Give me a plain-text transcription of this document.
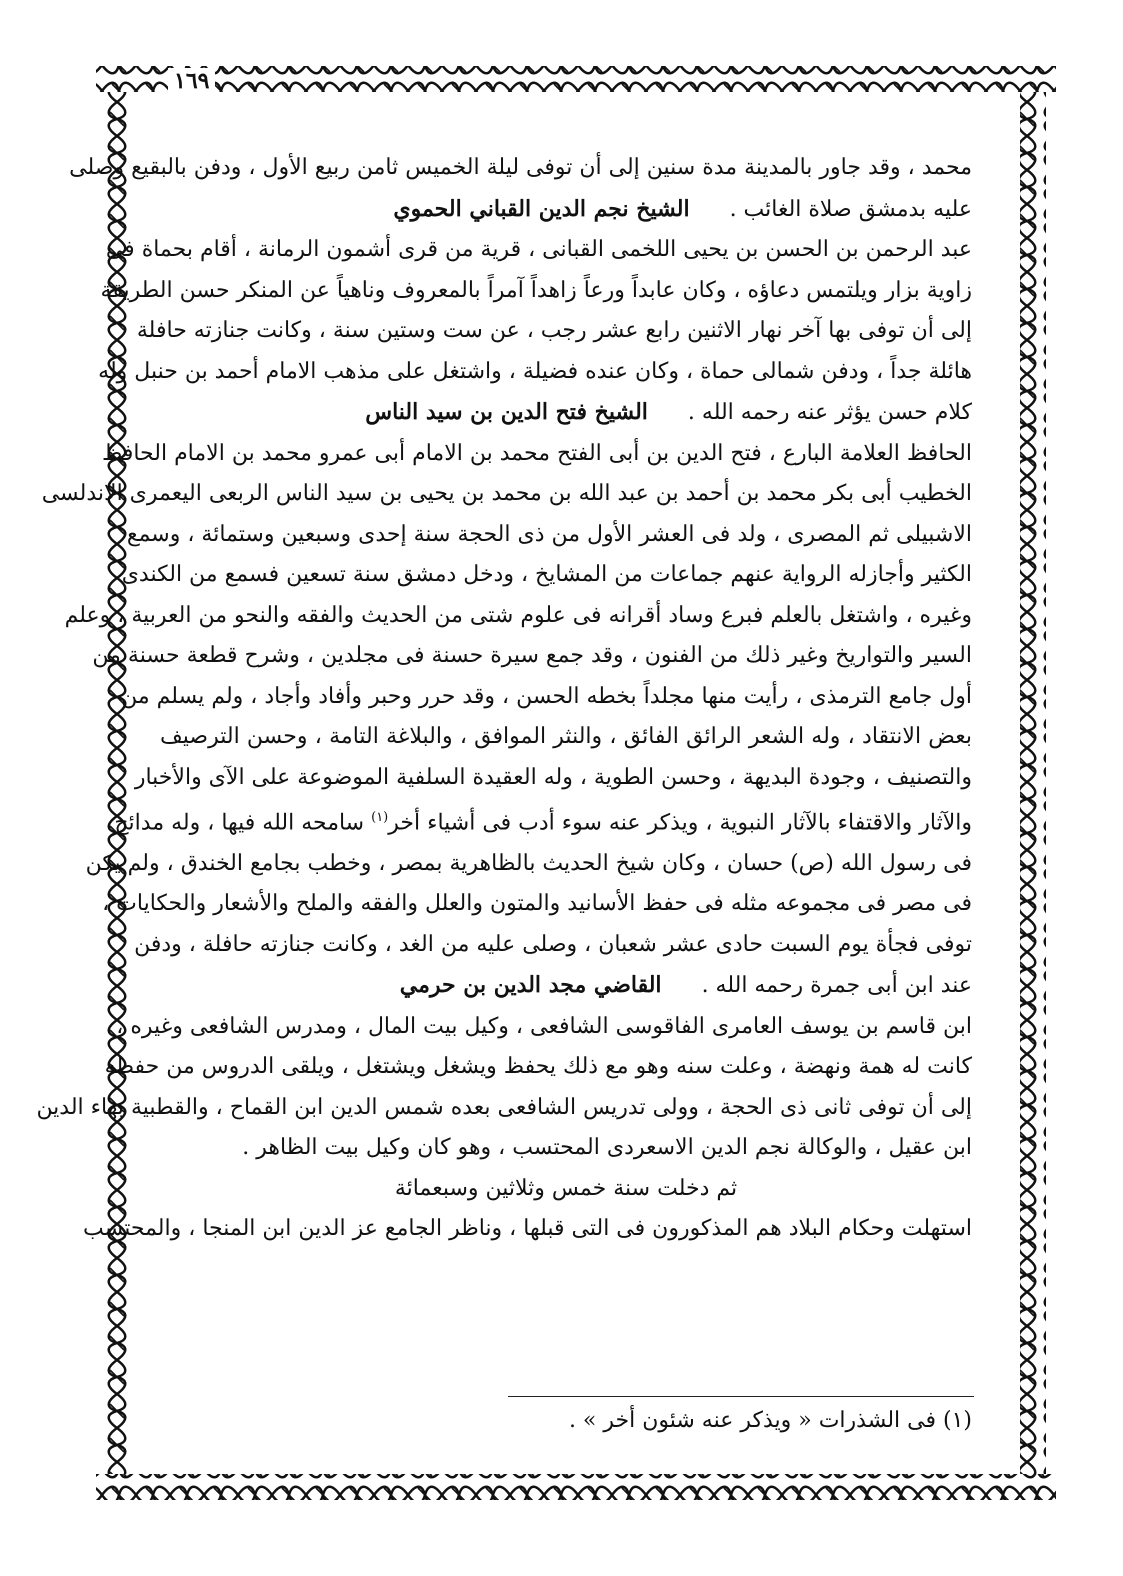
١٦٩
محمد ، وقد جاور بالمدينة مدة سنين إلى أن توفى ليلة الخميس ثامن ربيع الأول ، ودفن بالبقيع وصلى
عليه بدمشق صلاة الغائب .الشيخ نجم الدين القباني الحموي
عبد الرحمن بن الحسن بن يحيى اللخمى القبانى ، قرية من قرى أشمون الرمانة ، أقام بحماة فى
زاوية بزار ويلتمس دعاؤه ، وكان عابداً ورعاً زاهداً آمراً بالمعروف وناهياً عن المنكر حسن الطريقة
إلى أن توفى بها آخر نهار الاثنين رابع عشر رجب ، عن ست وستين سنة ، وكانت جنازته حافلة
هائلة جداً ، ودفن شمالى حماة ، وكان عنده فضيلة ، واشتغل على مذهب الامام أحمد بن حنبل وله
كلام حسن يؤثر عنه رحمه الله .الشيخ فتح الدين بن سيد الناس
الحافظ العلامة البارع ، فتح الدين بن أبى الفتح محمد بن الامام أبى عمرو محمد بن الامام الحافظ
الخطيب أبى بكر محمد بن أحمد بن عبد الله بن محمد بن يحيى بن سيد الناس الربعى اليعمرى الاندلسى
الاشبيلى ثم المصرى ، ولد فى العشر الأول من ذى الحجة سنة إحدى وسبعين وستمائة ، وسمع
الكثير وأجازله الرواية عنهم جماعات من المشايخ ، ودخل دمشق سنة تسعين فسمع من الكندى
وغيره ، واشتغل بالعلم فبرع وساد أقرانه فى علوم شتى من الحديث والفقه والنحو من العربية ، وعلم
السير والتواريخ وغير ذلك من الفنون ، وقد جمع سيرة حسنة فى مجلدين ، وشرح قطعة حسنة من
أول جامع الترمذى ، رأيت منها مجلداً بخطه الحسن ، وقد حرر وحبر وأفاد وأجاد ، ولم يسلم من
بعض الانتقاد ، وله الشعر الرائق الفائق ، والنثر الموافق ، والبلاغة التامة ، وحسن الترصيف
والتصنيف ، وجودة البديهة ، وحسن الطوية ، وله العقيدة السلفية الموضوعة على الآى والأخبار
والآثار والاقتفاء بالآثار النبوية ، ويذكر عنه سوء أدب فى أشياء أخر$^{(١)}$ سامحه الله فيها ، وله مدائح
فى رسول الله (ص) حسان ، وكان شيخ الحديث بالظاهرية بمصر ، وخطب بجامع الخندق ، ولم يكن
فى مصر فى مجموعه مثله فى حفظ الأسانيد والمتون والعلل والفقه والملح والأشعار والحكايات ،
توفى فجأة يوم السبت حادى عشر شعبان ، وصلى عليه من الغد ، وكانت جنازته حافلة ، ودفن
عند ابن أبى جمرة رحمه الله .القاضي مجد الدين بن حرمي
ابن قاسم بن يوسف العامرى الفاقوسى الشافعى ، وكيل بيت المال ، ومدرس الشافعى وغيره ،
كانت له همة ونهضة ، وعلت سنه وهو مع ذلك يحفظ ويشغل ويشتغل ، ويلقى الدروس من حفظه
إلى أن توفى ثانى ذى الحجة ، وولى تدريس الشافعى بعده شمس الدين ابن القماح ، والقطبية بهاء الدين
ابن عقيل ، والوكالة نجم الدين الاسعردى المحتسب ، وهو كان وكيل بيت الظاهر .
ثم دخلت سنة خمس وثلاثين وسبعمائة
استهلت وحكام البلاد هم المذكورون فى التى قبلها ، وناظر الجامع عز الدين ابن المنجا ، والمحتسب
(١) فى الشذرات « ويذكر عنه شئون أخر » .
